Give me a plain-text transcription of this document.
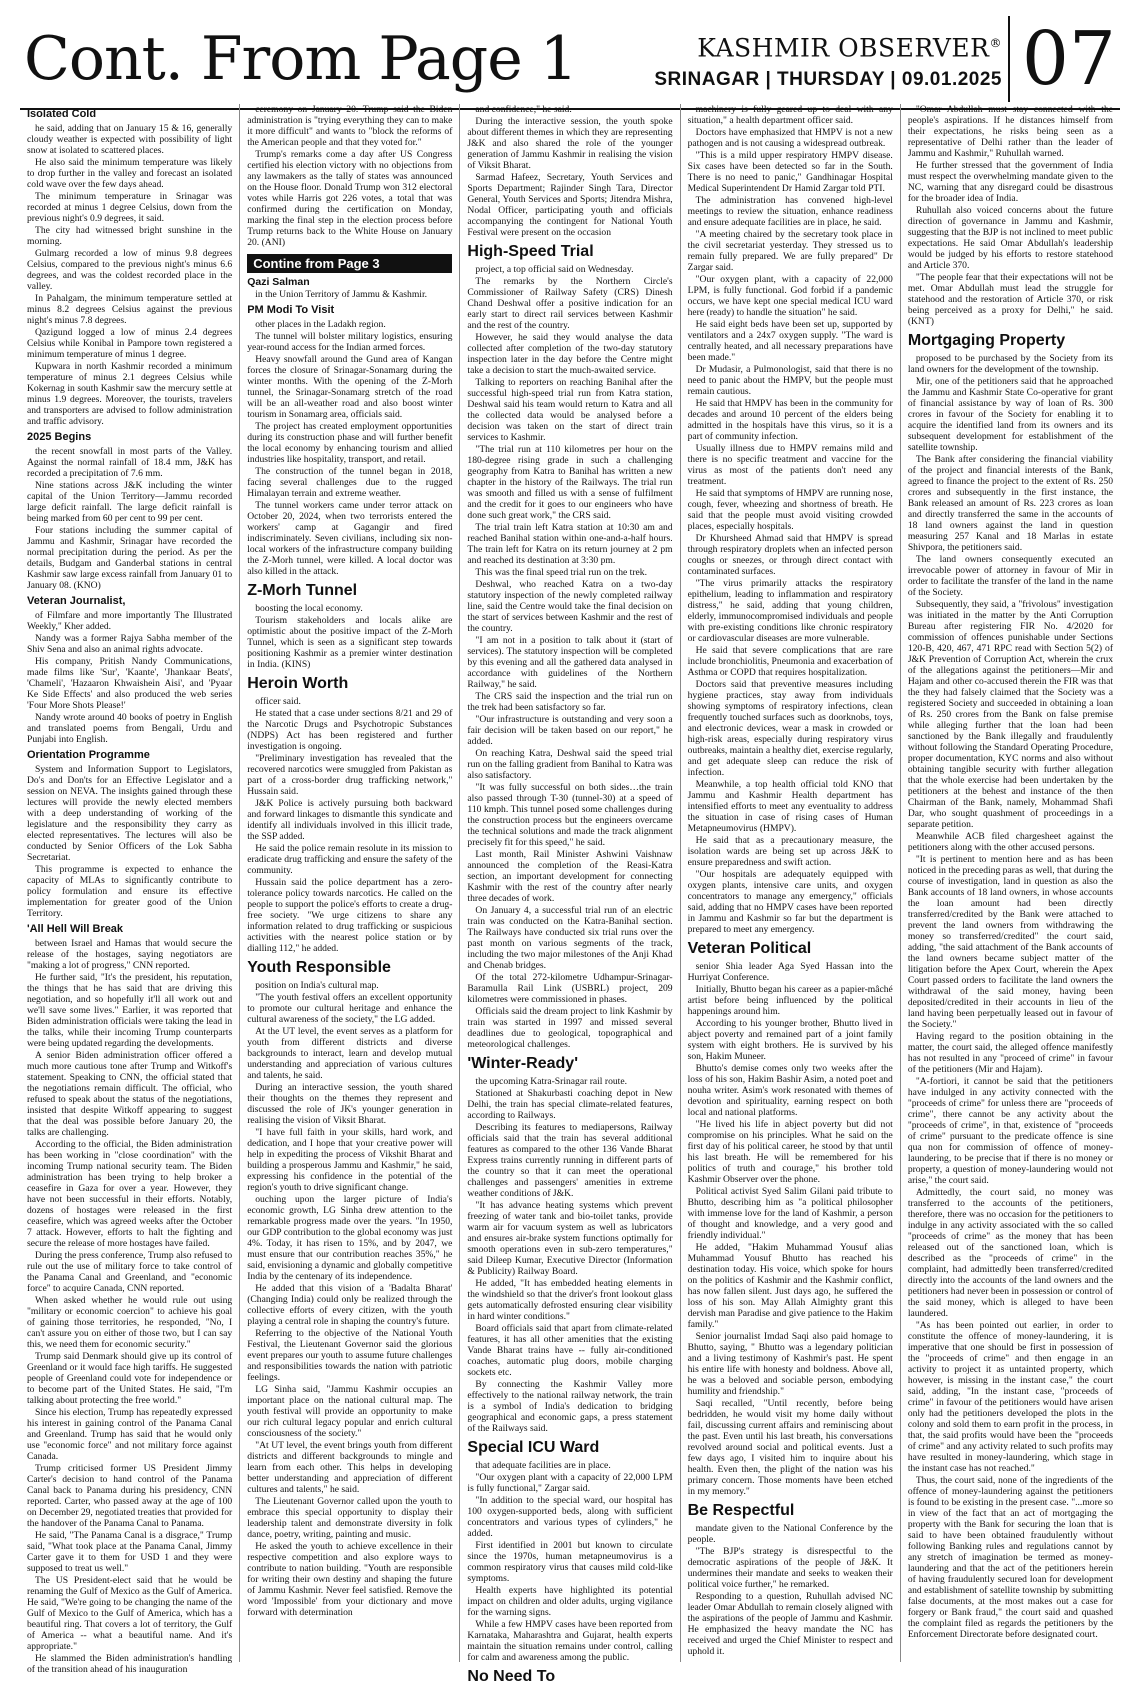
Cont. From Page 1	KASHMIR OBSERVER®
SRINAGAR | THURSDAY | 09.01.2025 07
Isolated Cold

he said, adding that on January 15 & 16, generally cloudy weather is expected with possibility of light snow at isolated to scattered places.

He also said the minimum temperature was likely to drop further in the valley and forecast an isolated cold wave over the few days ahead.

The minimum temperature in Srinagar was recorded at minus 1 degree Celsius, down from the previous night's 0.9 degrees, it said.

The city had witnessed bright sunshine in the morning.

Gulmarg recorded a low of minus 9.8 degrees Celsius, compared to the previous night's minus 6.6 degrees, and was the coldest recorded place in the valley.

In Pahalgam, the minimum temperature settled at minus 8.2 degrees Celsius against the previous night's minus 7.8 degrees.

Qazigund logged a low of minus 2.4 degrees Celsius while Konibal in Pampore town registered a minimum temperature of minus 1 degree.

Kupwara in north Kashmir recorded a minimum temperature of minus 2.1 degrees Celsius while Kokernag in south Kashmir saw the mercury settle at minus 1.9 degrees. Moreover, the tourists, travelers and transporters are advised to follow administration and traffic advisory.

2025 Begins

the recent snowfall in most parts of the Valley. Against the normal rainfall of 18.4 mm, J&K has recorded a precipitation of 7.6 mm.

Nine stations across J&K including the winter capital of the Union Territory—Jammu recorded large deficit rainfall. The large deficit rainfall is being marked from 60 per cent to 99 per cent.

Four stations including the summer capital of Jammu and Kashmir, Srinagar have recorded the normal precipitation during the period. As per the details, Budgam and Ganderbal stations in central Kashmir saw large excess rainfall from January 01 to January 08. (KNO)

Veteran Journalist,

of Filmfare and more importantly The Illustrated Weekly," Kher added.

Nandy was a former Rajya Sabha member of the Shiv Sena and also an animal rights advocate.

His company, Pritish Nandy Communications, made films like 'Sur', 'Kaante', 'Jhankaar Beats', 'Chameli', 'Hazaaron Khwaishein Aisi', and 'Pyaar Ke Side Effects' and also produced the web series 'Four More Shots Please!'

Nandy wrote around 40 books of poetry in English and translated poems from Bengali, Urdu and Punjabi into English.

Orientation Programme

System and Information Support to Legislators, Do's and Don'ts for an Effective Legislator and a session on NEVA. The insights gained through these lectures will provide the newly elected members with a deep understanding of working of the legislature and the responsibility they carry as elected representatives. The lectures will also be conducted by Senior Officers of the Lok Sabha Secretariat.

This programme is expected to enhance the capacity of MLAs to significantly contribute to policy formulation and ensure its effective implementation for greater good of the Union Territory.

'All Hell Will Break

between Israel and Hamas that would secure the release of the hostages, saying negotiators are "making a lot of progress," CNN reported.

He further said, "It's the president, his reputation, the things that he has said that are driving this negotiation, and so hopefully it'll all work out and we'll save some lives." Earlier, it was reported that Biden administration officials were taking the lead in the talks, while their incoming Trump counterparts were being updated regarding the developments.

A senior Biden administration officer offered a much more cautious tone after Trump and Witkoff's statement. Speaking to CNN, the official stated that the negotiations remain difficult. The official, who refused to speak about the status of the negotiations, insisted that despite Witkoff appearing to suggest that the deal was possible before January 20, the talks are challenging.

According to the official, the Biden administration has been working in "close coordination" with the incoming Trump national security team. The Biden administration has been trying to help broker a ceasefire in Gaza for over a year. However, they have not been successful in their efforts. Notably, dozens of hostages were released in the first ceasefire, which was agreed weeks after the October 7 attack. However, efforts to halt the fighting and secure the release of more hostages have failed.

During the press conference, Trump also refused to rule out the use of military force to take control of the Panama Canal and Greenland, and "economic force" to acquire Canada, CNN reported.

When asked whether he would rule out using "military or economic coercion" to achieve his goal of gaining those territories, he responded, "No, I can't assure you on either of those two, but I can say this, we need them for economic security."

Trump said Denmark should give up its control of Greenland or it would face high tariffs. He suggested people of Greenland could vote for independence or to become part of the United States. He said, "I'm talking about protecting the free world."

Since his election, Trump has repeatedly expressed his interest in gaining control of the Panama Canal and Greenland. Trump has said that he would only use "economic force" and not military force against Canada.

Trump criticised former US President Jimmy Carter's decision to hand control of the Panama Canal back to Panama during his presidency, CNN reported. Carter, who passed away at the age of 100 on December 29, negotiated treaties that provided for the handover of the Panama Canal to Panama.

He said, "The Panama Canal is a disgrace," Trump said, "What took place at the Panama Canal, Jimmy Carter gave it to them for USD 1 and they were supposed to treat us well."

The US President-elect said that he would be renaming the Gulf of Mexico as the Gulf of America. He said, "We're going to be changing the name of the Gulf of Mexico to the Gulf of America, which has a beautiful ring. That covers a lot of territory, the Gulf of America -- what a beautiful name. And it's appropriate."

He slammed the Biden administration's handling of the transition ahead of his inauguration

ceremony on January 20. Trump said the Biden administration is "trying everything they can to make it more difficult" and wants to "block the reforms of the American people and that they voted for."

Trump's remarks come a day after US Congress certified his election victory with no objections from any lawmakers as the tally of states was announced on the House floor. Donald Trump won 312 electoral votes while Harris got 226 votes, a total that was confirmed during the certification on Monday, marking the final step in the election process before Trump returns back to the White House on January 20. (ANI)

Contine from Page 3
Qazi Salman

in the Union Territory of Jammu & Kashmir.

PM Modi To Visit

other places in the Ladakh region.

The tunnel will bolster military logistics, ensuring year-round access for the Indian armed forces.

Heavy snowfall around the Gund area of Kangan forces the closure of Srinagar-Sonamarg during the winter months. With the opening of the Z-Morh tunnel, the Srinagar-Sonamarg stretch of the road will be an all-weather road and also boost winter tourism in Sonamarg area, officials said.

The project has created employment opportunities during its construction phase and will further benefit the local economy by enhancing tourism and allied industries like hospitality, transport, and retail.

The construction of the tunnel began in 2018, facing several challenges due to the rugged Himalayan terrain and extreme weather.

The tunnel workers came under terror attack on October 20, 2024, when two terrorists entered the workers' camp at Gagangir and fired indiscriminately. Seven civilians, including six non-local workers of the infrastructure company building the Z-Morh tunnel, were killed. A local doctor was also killed in the attack.

Z-Morh Tunnel

boosting the local economy.

Tourism stakeholders and locals alike are optimistic about the positive impact of the Z-Morh Tunnel, which is seen as a significant step towards positioning Kashmir as a premier winter destination in India. (KINS)

Heroin Worth

officer said.

He stated that a case under sections 8/21 and 29 of the Narcotic Drugs and Psychotropic Substances (NDPS) Act has been registered and further investigation is ongoing.

"Preliminary investigation has revealed that the recovered narcotics were smuggled from Pakistan as part of a cross-border drug trafficking network," Hussain said.

J&K Police is actively pursuing both backward and forward linkages to dismantle this syndicate and identify all individuals involved in this illicit trade, the SSP added.

He said the police remain resolute in its mission to eradicate drug trafficking and ensure the safety of the community.

Hussain said the police department has a zero-tolerance policy towards narcotics. He called on the people to support the police's efforts to create a drug-free society. "We urge citizens to share any information related to drug trafficking or suspicious activities with the nearest police station or by dialling 112," he added.

Youth Responsible

position on India's cultural map.

"The youth festival offers an excellent opportunity to promote our cultural heritage and enhance the cultural awareness of the society," the LG added.

At the UT level, the event serves as a platform for youth from different districts and diverse backgrounds to interact, learn and develop mutual understanding and appreciation of various cultures and talents, he said.

During an interactive session, the youth shared their thoughts on the themes they represent and discussed the role of JK's younger generation in realising the vision of Viksit Bharat.

"I have full faith in your skills, hard work, and dedication, and I hope that your creative power will help in expediting the process of Vikshit Bharat and building a prosperous Jammu and Kashmir," he said, expressing his confidence in the potential of the region's youth to drive significant change.

ouching upon the larger picture of India's economic growth, LG Sinha drew attention to the remarkable progress made over the years. "In 1950, our GDP contribution to the global economy was just 4%. Today, it has risen to 15%, and by 2047, we must ensure that our contribution reaches 35%," he said, envisioning a dynamic and globally competitive India by the centenary of its independence.

He added that this vision of a 'Badalta Bharat' (Changing India) could only be realized through the collective efforts of every citizen, with the youth playing a central role in shaping the country's future.

Referring to the objective of the National Youth Festival, the Lieutenant Governor said the glorious event prepares our youth to assume future challenges and responsibilities towards the nation with patriotic feelings.

LG Sinha said, "Jammu Kashmir occupies an important place on the national cultural map. The youth festival will provide an opportunity to make our rich cultural legacy popular and enrich cultural consciousness of the society."

"At UT level, the event brings youth from different districts and different backgrounds to mingle and learn from each other. This helps in developing better understanding and appreciation of different cultures and talents," he said.

The Lieutenant Governor called upon the youth to embrace this special opportunity to display their leadership talent and demonstrate diversity in folk dance, poetry, writing, painting and music.

He asked the youth to achieve excellence in their respective competition and also explore ways to contribute to nation building. "Youth are responsible for writing their own destiny and shaping the future of Jammu Kashmir. Never feel satisfied. Remove the word 'Impossible' from your dictionary and move forward with determination

and confidence," he said.

During the interactive session, the youth spoke about different themes in which they are representing J&K and also shared the role of the younger generation of Jammu Kashmir in realising the vision of Viksit Bharat.

Sarmad Hafeez, Secretary, Youth Services and Sports Department; Rajinder Singh Tara, Director General, Youth Services and Sports; Jitendra Mishra, Nodal Officer, participating youth and officials accompanying the contingent for National Youth Festival were present on the occasion

High-Speed Trial

project, a top official said on Wednesday.

The remarks by the Northern Circle's Commissioner of Railway Safety (CRS) Dinesh Chand Deshwal offer a positive indication for an early start to direct rail services between Kashmir and the rest of the country.

However, he said they would analyse the data collected after completion of the two-day statutory inspection later in the day before the Centre might take a decision to start the much-awaited service.

Talking to reporters on reaching Banihal after the successful high-speed trial run from Katra station, Deshwal said his team would return to Katra and all the collected data would be analysed before a decision was taken on the start of direct train services to Kashmir.

"The trial run at 110 kilometres per hour on the 180-degree rising grade in such a challenging geography from Katra to Banihal has written a new chapter in the history of the Railways. The trial run was smooth and filled us with a sense of fulfilment and the credit for it goes to our engineers who have done such great work," the CRS said.

The trial train left Katra station at 10:30 am and reached Banihal station within one-and-a-half hours. The train left for Katra on its return journey at 2 pm and reached its destination at 3:30 pm.

This was the final speed trial run on the trek.

Deshwal, who reached Katra on a two-day statutory inspection of the newly completed railway line, said the Centre would take the final decision on the start of services between Kashmir and the rest of the country.

"I am not in a position to talk about it (start of services). The statutory inspection will be completed by this evening and all the gathered data analysed in accordance with guidelines of the Northern Railway," he said.

The CRS said the inspection and the trial run on the trek had been satisfactory so far.

"Our infrastructure is outstanding and very soon a fair decision will be taken based on our report," he added.

On reaching Katra, Deshwal said the speed trial run on the falling gradient from Banihal to Katra was also satisfactory.

"It was fully successful on both sides…the train also passed through T-30 (tunnel-30) at a speed of 110 kmph. This tunnel posed some challenges during the construction process but the engineers overcame the technical solutions and made the track alignment precisely fit for this speed," he said.

Last month, Rail Minister Ashwini Vaishnaw announced the completion of the Reasi-Katra section, an important development for connecting Kashmir with the rest of the country after nearly three decades of work.

On January 4, a successful trial run of an electric train was conducted on the Katra-Banihal section. The Railways have conducted six trial runs over the past month on various segments of the track, including the two major milestones of the Anji Khad and Chenab bridges.

Of the total 272-kilometre Udhampur-Srinagar-Baramulla Rail Link (USBRL) project, 209 kilometres were commissioned in phases.

Officials said the dream project to link Kashmir by train was started in 1997 and missed several deadlines due to geological, topographical and meteorological challenges.

'Winter-Ready'

the upcoming Katra-Srinagar rail route.

Stationed at Shakurbasti coaching depot in New Delhi, the train has special climate-related features, according to Railways.

Describing its features to mediapersons, Railway officials said that the train has several additional features as compared to the other 136 Vande Bharat Express trains currently running in different parts of the country so that it can meet the operational challenges and passengers' amenities in extreme weather conditions of J&K.

"It has advance heating systems which prevent freezing of water tank and bio-toilet tanks, provide warm air for vacuum system as well as lubricators and ensures air-brake system functions optimally for smooth operations even in sub-zero temperatures," said Dileep Kumar, Executive Director (Information & Publicity) Railway Board.

He added, "It has embedded heating elements in the windshield so that the driver's front lookout glass gets automatically defrosted ensuring clear visibility in hard winter conditions."

Board officials said that apart from climate-related features, it has all other amenities that the existing Vande Bharat trains have -- fully air-conditioned coaches, automatic plug doors, mobile charging sockets etc.

By connecting the Kashmir Valley more effectively to the national railway network, the train is a symbol of India's dedication to bridging geographical and economic gaps, a press statement of the Railways said.

Special ICU Ward

that adequate facilities are in place.

"Our oxygen plant with a capacity of 22,000 LPM is fully functional," Zargar said.

"In addition to the special ward, our hospital has 100 oxygen-supported beds, along with sufficient concentrators and various types of cylinders," he added.

First identified in 2001 but known to circulate since the 1970s, human metapneumovirus is a common respiratory virus that causes mild cold-like symptoms.

Health experts have highlighted its potential impact on children and older adults, urging vigilance for the warning signs.

While a few HMPV cases have been reported from Karnataka, Maharashtra and Gujarat, health experts maintain the situation remains under control, calling for calm and awareness among the public.

No Need To

machinery is fully geared up to deal with any situation," a health department officer said.

Doctors have emphasized that HMPV is not a new pathogen and is not causing a widespread outbreak.

"This is a mild upper respiratory HMPV disease. Six cases have been detected so far in the South. There is no need to panic," Gandhinagar Hospital Medical Superintendent Dr Hamid Zargar told PTI.

The administration has convened high-level meetings to review the situation, enhance readiness and ensure adequate facilities are in place, he said.

"A meeting chaired by the secretary took place in the civil secretariat yesterday. They stressed us to remain fully prepared. We are fully prepared" Dr Zargar said.

"Our oxygen plant, with a capacity of 22,000 LPM, is fully functional. God forbid if a pandemic occurs, we have kept one special medical ICU ward here (ready) to handle the situation" he said.

He said eight beds have been set up, supported by ventilators and a 24x7 oxygen supply. "The ward is centrally heated, and all necessary preparations have been made."

Dr Mudasir, a Pulmonologist, said that there is no need to panic about the HMPV, but the people must remain cautious.

He said that HMPV has been in the community for decades and around 10 percent of the elders being admitted in the hospitals have this virus, so it is a part of community infection.

Usually illness due to HMPV remains mild and there is no specific treatment and vaccine for the virus as most of the patients don't need any treatment.

He said that symptoms of HMPV are running nose, cough, fever, wheezing and shortness of breath. He said that the people must avoid visiting crowded places, especially hospitals.

Dr Khursheed Ahmad said that HMPV is spread through respiratory droplets when an infected person coughs or sneezes, or through direct contact with contaminated surfaces.

"The virus primarily attacks the respiratory epithelium, leading to inflammation and respiratory distress," he said, adding that young children, elderly, immunocompromised individuals and people with pre-existing conditions like chronic respiratory or cardiovascular diseases are more vulnerable.

He said that severe complications that are rare include bronchiolitis, Pneumonia and exacerbation of Asthma or COPD that requires hospitalization.

Doctors said that preventive measures including hygiene practices, stay away from individuals showing symptoms of respiratory infections, clean frequently touched surfaces such as doorknobs, toys, and electronic devices, wear a mask in crowded or high-risk areas, especially during respiratory virus outbreaks, maintain a healthy diet, exercise regularly, and get adequate sleep can reduce the risk of infection.

Meanwhile, a top health official told KNO that Jammu and Kashmir Health department has intensified efforts to meet any eventuality to address the situation in case of rising cases of Human Metapneumovirus (HMPV).

He said that as a precautionary measure, the isolation wards are being set up across J&K to ensure preparedness and swift action.

"Our hospitals are adequately equipped with oxygen plants, intensive care units, and oxygen concentrators to manage any emergency," officials said, adding that no HMPV cases have been reported in Jammu and Kashmir so far but the department is prepared to meet any emergency.

Veteran Political

senior Shia leader Aga Syed Hassan into the Hurriyat Conference.

Initially, Bhutto began his career as a papier-mâché artist before being influenced by the political happenings around him.

According to his younger brother, Bhutto lived in abject poverty and remained part of a joint family system with eight brothers. He is survived by his son, Hakim Muneer.

Bhutto's demise comes only two weeks after the loss of his son, Hakim Bashir Asim, a noted poet and nouha writer. Asim's work resonated with themes of devotion and spirituality, earning respect on both local and national platforms.

"He lived his life in abject poverty but did not compromise on his principles. What he said on the first day of his political career, he stood by that until his last breath. He will be remembered for his politics of truth and courage," his brother told Kashmir Observer over the phone.

Political activist Syed Salim Gilani paid tribute to Bhutto, describing him as "a political philosopher with immense love for the land of Kashmir, a person of thought and knowledge, and a very good and friendly individual."

He added, "Hakim Muhammad Yousuf alias Muhammad Yousuf Bhutto has reached his destination today. His voice, which spoke for hours on the politics of Kashmir and the Kashmir conflict, has now fallen silent. Just days ago, he suffered the loss of his son. May Allah Almighty grant this dervish man Paradise and give patience to the Hakim family."

Senior journalist Imdad Saqi also paid homage to Bhutto, saying, " Bhutto was a legendary politician and a living testimony of Kashmir's past. He spent his entire life with honesty and boldness. Above all, he was a beloved and sociable person, embodying humility and friendship."

Saqi recalled, "Until recently, before being bedridden, he would visit my home daily without fail, discussing current affairs and reminiscing about the past. Even until his last breath, his conversations revolved around social and political events. Just a few days ago, I visited him to inquire about his health. Even then, the plight of the nation was his primary concern. Those moments have been etched in my memory."

Be Respectful

mandate given to the National Conference by the people.

"The BJP's strategy is disrespectful to the democratic aspirations of the people of J&K. It undermines their mandate and seeks to weaken their political voice further," he remarked.

Responding to a question, Ruhullah advised NC leader Omar Abdullah to remain closely aligned with the aspirations of the people of Jammu and Kashmir. He emphasized the heavy mandate the NC has received and urged the Chief Minister to respect and uphold it.

"Omar Abdullah must stay connected with the people's aspirations. If he distances himself from their expectations, he risks being seen as a representative of Delhi rather than the leader of Jammu and Kashmir," Ruhullah warned.

He further stressed that the government of India must respect the overwhelming mandate given to the NC, warning that any disregard could be disastrous for the broader idea of India.

Ruhullah also voiced concerns about the future direction of governance in Jammu and Kashmir, suggesting that the BJP is not inclined to meet public expectations. He said Omar Abdullah's leadership would be judged by his efforts to restore statehood and Article 370.

"The people fear that their expectations will not be met. Omar Abdullah must lead the struggle for statehood and the restoration of Article 370, or risk being perceived as a proxy for Delhi," he said. (KNT)

Mortgaging Property

proposed to be purchased by the Society from its land owners for the development of the township.

Mir, one of the petitioners said that he approached the Jammu and Kashmir State Co-operative for grant of financial assistance by way of loan of Rs. 300 crores in favour of the Society for enabling it to acquire the identified land from its owners and its subsequent development for establishment of the satellite township.

The Bank after considering the financial viability of the project and financial interests of the Bank, agreed to finance the project to the extent of Rs. 250 crores and subsequently in the first instance, the Bank released an amount of Rs. 223 crores as loan and directly transferred the same in the accounts of 18 land owners against the land in question measuring 257 Kanal and 18 Marlas in estate Shivpora, the petitioners said.

The land owners consequently executed an irrevocable power of attorney in favour of Mir in order to facilitate the transfer of the land in the name of the Society.

Subsequently, they said, a "frivolous" investigation was initiated in the matter by the Anti Corruption Bureau after registering FIR No. 4/2020 for commission of offences punishable under Sections 120-B, 420, 467, 471 RPC read with Section 5(2) of J&K Prevention of Corruption Act, wherein the crux of the allegations against the petitioners—Mir and Hajam and other co-accused therein the FIR was that the they had falsely claimed that the Society was a registered Society and succeeded in obtaining a loan of Rs. 250 crores from the Bank on false premise while alleging further that the loan had been sanctioned by the Bank illegally and fraudulently without following the Standard Operating Procedure, proper documentation, KYC norms and also without obtaining tangible security with further allegation that the whole exercise had been undertaken by the petitioners at the behest and instance of the then Chairman of the Bank, namely, Mohammad Shafi Dar, who sought quashment of proceedings in a separate petition.

Meanwhile ACB filed chargesheet against the petitioners along with the other accused persons.

"It is pertinent to mention here and as has been noticed in the preceding paras as well, that during the course of investigation, land in question as also the Bank accounts of 18 land owners, in whose accounts the loan amount had been directly transferred/credited by the Bank were attached to prevent the land owners from withdrawing the money so transferred/credited" the court said, adding, "the said attachment of the Bank accounts of the land owners became subject matter of the litigation before the Apex Court, wherein the Apex Court passed orders to facilitate the land owners the withdrawal of the said money, having been deposited/credited in their accounts in lieu of the land having been perpetually leased out in favour of the Society."

Having regard to the position obtaining in the matter, the court said, the alleged offence manifestly has not resulted in any "proceed of crime" in favour of the petitioners (Mir and Hajam).

"A-fortiori, it cannot be said that the petitioners have indulged in any activity connected with the "proceeds of crime" for unless there are "proceeds of crime", there cannot be any activity about the "proceeds of crime", in that, existence of "proceeds of crime" pursuant to the predicate offence is sine qua non for commission of offence of money-laundering, to be precise that if there is no money or property, a question of money-laundering would not arise," the court said.

Admittedly, the court said, no money was transferred to the accounts of the petitioners, therefore, there was no occasion for the petitioners to indulge in any activity associated with the so called "proceeds of crime" as the money that has been released out of the sanctioned loan, which is described as the "proceeds of crime" in the complaint, had admittedly been transferred/credited directly into the accounts of the land owners and the petitioners had never been in possession or control of the said money, which is alleged to have been laundered.

"As has been pointed out earlier, in order to constitute the offence of money-laundering, it is imperative that one should be first in possession of the "proceeds of crime" and then engage in an activity to project it as untainted property, which however, is missing in the instant case," the court said, adding, "In the instant case, "proceeds of crime" in favour of the petitioners would have arisen only had the petitioners developed the plots in the colony and sold them to earn profit in the process, in that, the said profits would have been the "proceeds of crime" and any activity related to such profits may have resulted in money-laundering, which stage in the instant case has not reached."

Thus, the court said, none of the ingredients of the offence of money-laundering against the petitioners is found to be existing in the present case. "...more so in view of the fact that an act of mortgaging the property with the Bank for securing the loan that is said to have been obtained fraudulently without following Banking rules and regulations cannot by any stretch of imagination be termed as money-laundering and that the act of the petitioners herein of having fraudulently secured loan for development and establishment of satellite township by submitting false documents, at the most makes out a case for forgery or Bank fraud," the court said and quashed the complaint filed as regards the petitioners by the Enforcement Directorate before designated court.
